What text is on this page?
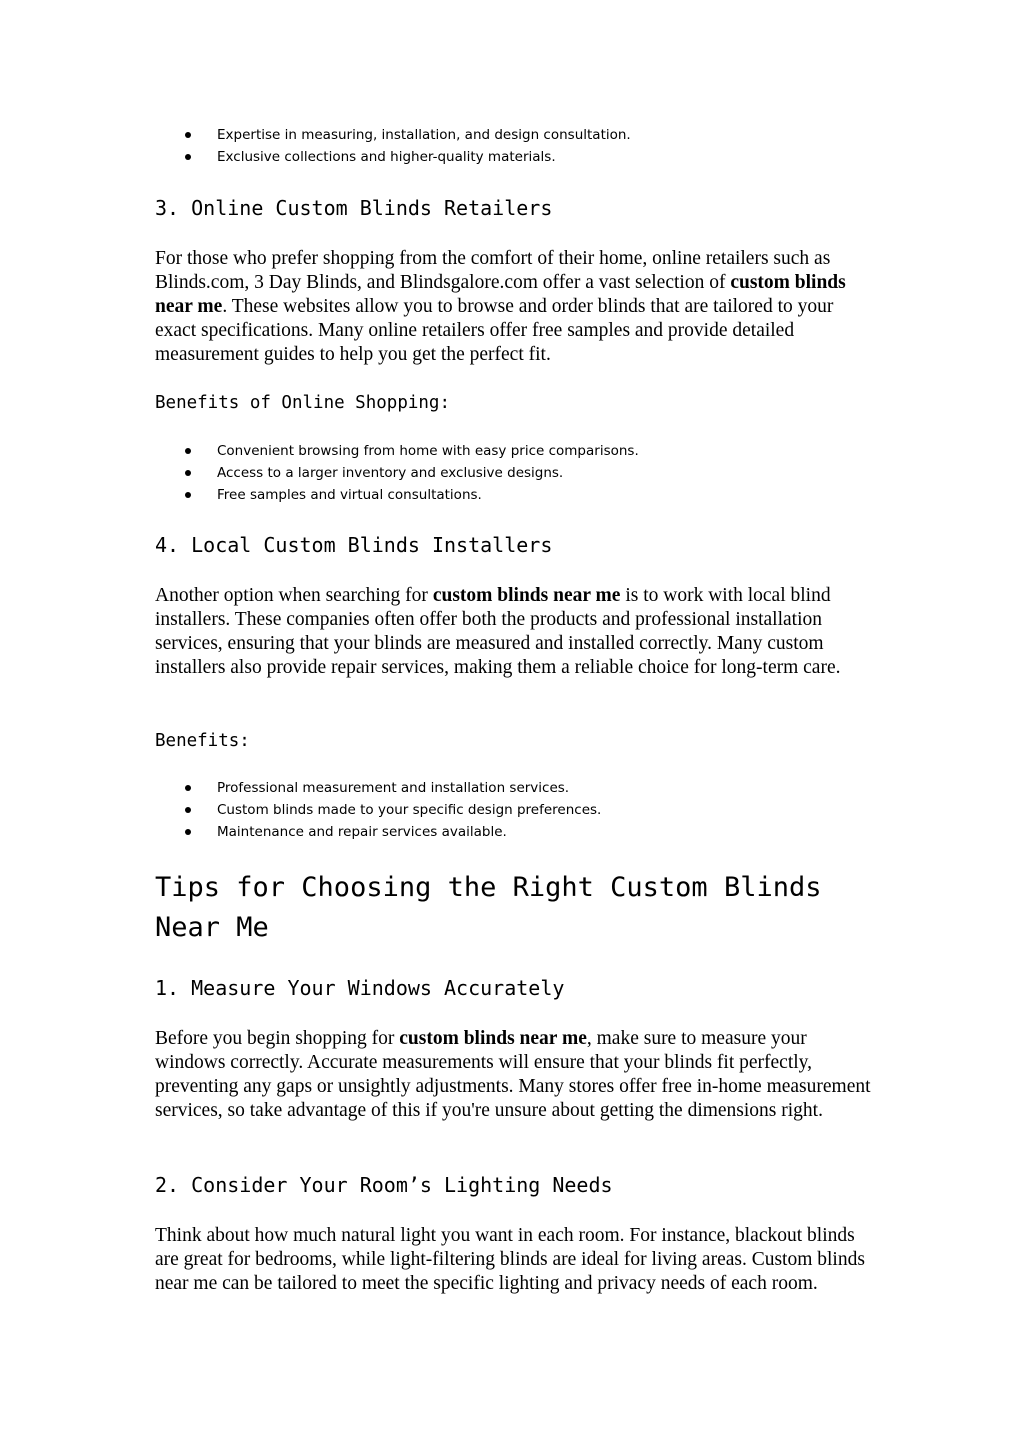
Expertise in measuring, installation, and design consultation.
Exclusive collections and higher-quality materials.
3. Online Custom Blinds Retailers

For those who prefer shopping from the comfort of their home, online retailers such as Blinds.com, 3 Day Blinds, and Blindsgalore.com offer a vast selection of custom blinds near me. These websites allow you to browse and order blinds that are tailored to your exact specifications. Many online retailers offer free samples and provide detailed measurement guides to help you get the perfect fit.

Benefits of Online Shopping:
Convenient browsing from home with easy price comparisons.
Access to a larger inventory and exclusive designs.
Free samples and virtual consultations.
4. Local Custom Blinds Installers

Another option when searching for custom blinds near me is to work with local blind installers. These companies often offer both the products and professional installation services, ensuring that your blinds are measured and installed correctly. Many custom installers also provide repair services, making them a reliable choice for long-term care.

Benefits:
Professional measurement and installation services.
Custom blinds made to your specific design preferences.
Maintenance and repair services available.
Tips for Choosing the Right Custom Blinds
Near Me
1. Measure Your Windows Accurately

Before you begin shopping for custom blinds near me, make sure to measure your windows correctly. Accurate measurements will ensure that your blinds fit perfectly, preventing any gaps or unsightly adjustments. Many stores offer free in-home measurement services, so take advantage of this if you're unsure about getting the dimensions right.

2. Consider Your Room’s Lighting Needs

Think about how much natural light you want in each room. For instance, blackout blinds are great for bedrooms, while light-filtering blinds are ideal for living areas. Custom blinds near me can be tailored to meet the specific lighting and privacy needs of each room.
